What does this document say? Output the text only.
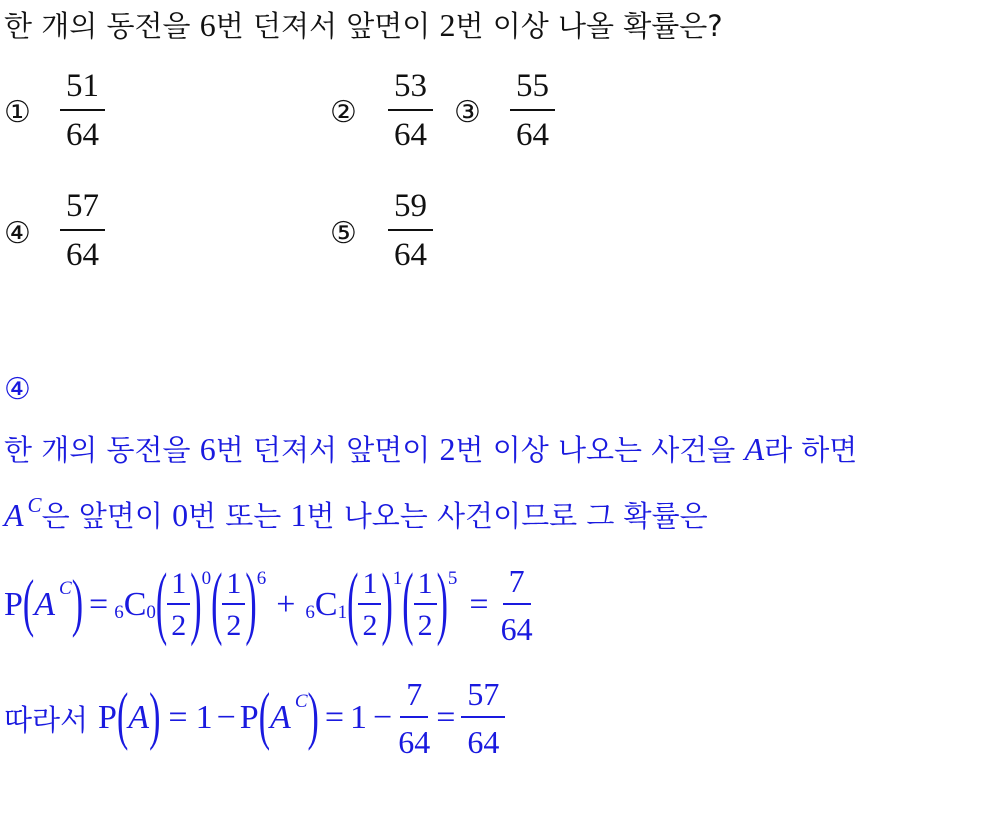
한 개의 동전을 6번 던져서 앞면이 2번 이상 나올 확률은?
① $\frac{51}{64}$	② $\frac{53}{64}$ ③ $\frac{55}{64}$
④ $\frac{57}{64}$	⑤ $\frac{59}{64}$
④
한 개의 동전을 6번 던져서 앞면이 2번 이상 나오는 사건을 A라 하면
A $^C$은 앞면이 0번 또는 1번 나오는 사건이므로 그 확률은
P ( A C ) = 6 C 0 ( 1
2 ) 0 ( 1
2 ) 6
+ 6 C 1 ( 1
2 ) 1 ( 1
2 ) 5
= $\frac{7}{64}$
따라서 P ( A ) = 1 − P ( A C ) = $1 - \frac{7}{64} = \frac{57}{64}$
